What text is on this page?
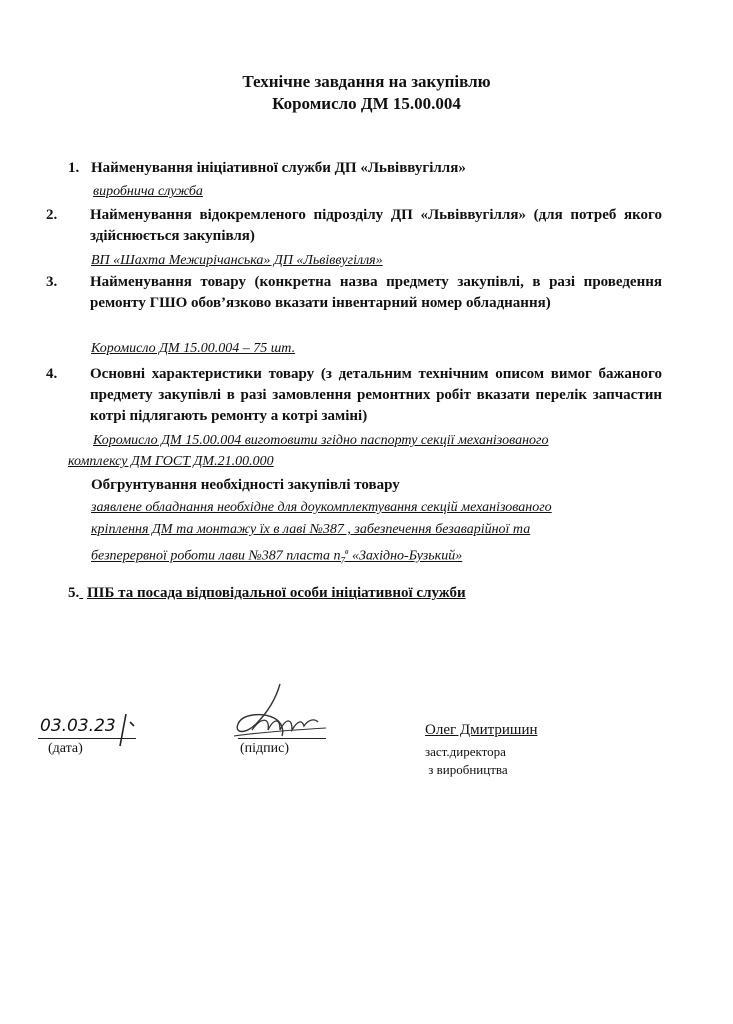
Технічне завдання на закупівлю
Коромисло ДМ 15.00.004
1. Найменування ініціативної служби ДП «Львіввугілля»
виробнича служба
2. Найменування відокремленого підрозділу ДП «Львіввугілля» (для потреб якого здійснюється закупівля)
ВП «Шахта Межирічанська» ДП «Львіввугілля»
3. Найменування товару (конкретна назва предмету закупівлі, в разі проведення ремонту ГШО обов’язково вказати інвентарний номер обладнання)
Коромисло ДМ 15.00.004 – 75 шт.
4. Основні характеристики товару (з детальним технічним описом вимог бажаного предмету закупівлі в разі замовлення ремонтних робіт вказати перелік запчастин котрі підлягають ремонту а котрі заміні)
Коромисло ДМ 15.00.004 виготовити згідно паспорту секції механізованого
комплексу ДМ ГОСТ ДМ.21.00.000
Обгрунтування необхідності закупівлі товару
заявлене обладнання необхідне для доукомплектування секцій механізованого
кріплення ДМ та монтажу їх в лаві №387 , забезпечення безаварійної та
безперервної роботи лави №387 пласта $n_7^в$ «Західно-Бузький»
5. ПІБ та посада відповідальної особи ініціативної служби
03.03.23
(дата)	(підпис)
Олег Дмитришин
заст.директора
з виробництва
